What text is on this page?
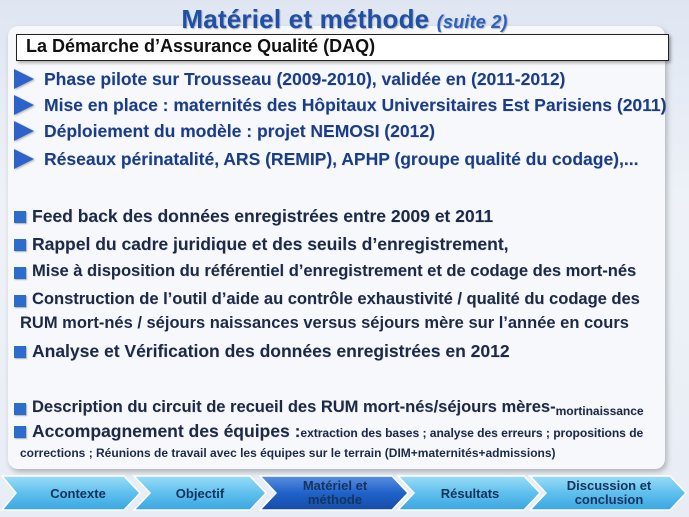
Matériel et méthode (suite 2)
La Démarche d’Assurance Qualité (DAQ)
Phase pilote sur Trousseau (2009-2010), validée en (2011-2012)
Mise en place : maternités des Hôpitaux Universitaires Est Parisiens (2011)
Déploiement du modèle : projet NEMOSI (2012)
Réseaux périnatalité, ARS (REMIP), APHP (groupe qualité du codage),...
Feed back des données enregistrées entre 2009 et 2011
Rappel du cadre juridique et des seuils d’enregistrement,
Mise à disposition du référentiel d’enregistrement et de codage des mort-nés
Construction de l’outil d’aide au contrôle exhaustivité / qualité du codage des
RUM mort-nés / séjours naissances versus séjours mère sur l’année en cours
Analyse et Vérification des données enregistrées en 2012
Description du circuit de recueil des RUM mort-nés/séjours mères- mortinaissance
Accompagnement des équipes : extraction des bases ; analyse des erreurs ; propositions de
corrections ; Réunions de travail avec les équipes sur le terrain (DIM+maternités+admissions)
Contexte	Objectif
Matériel et
méthode	Résultats
Discussion et
conclusion
